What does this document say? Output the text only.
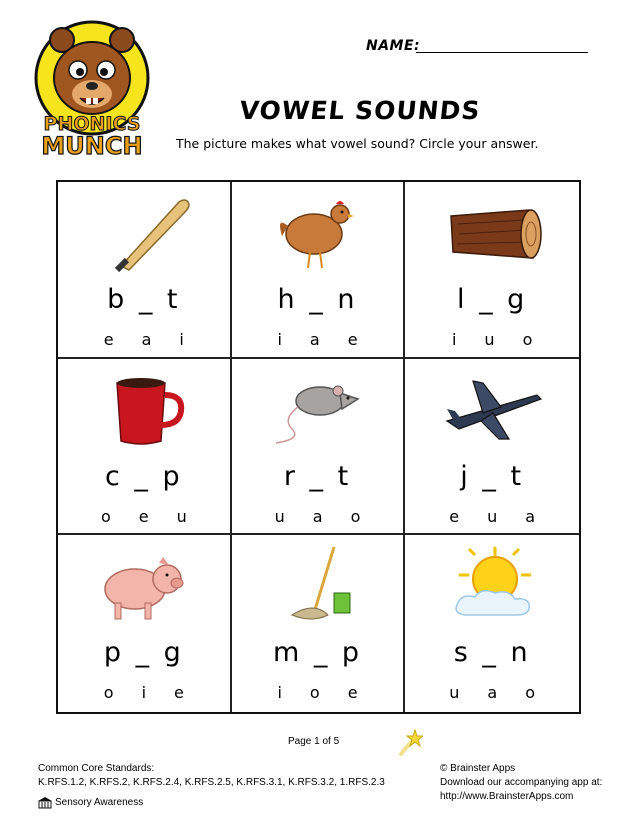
PHONICS
MUNCH
NAME:
VOWEL SOUNDS
The picture makes what vowel sound? Circle your answer.
b _ t
e a i
h _ n
i a e
l _ g
i u o
c _ p
o e u
r _ t
u a o
j _ t
e u a
p _ g
o i e
m _ p
i o e
s _ n
u a o
Page 1 of 5
Common Core Standards:
K.RFS.1.2, K.RFS.2, K.RFS.2.4, K.RFS.2.5, K.RFS.3.1, K.RFS.3.2, 1.RFS.2.3
Sensory Awareness
© Brainster Apps
Download our accompanying app at:
http://www.BrainsterApps.com
